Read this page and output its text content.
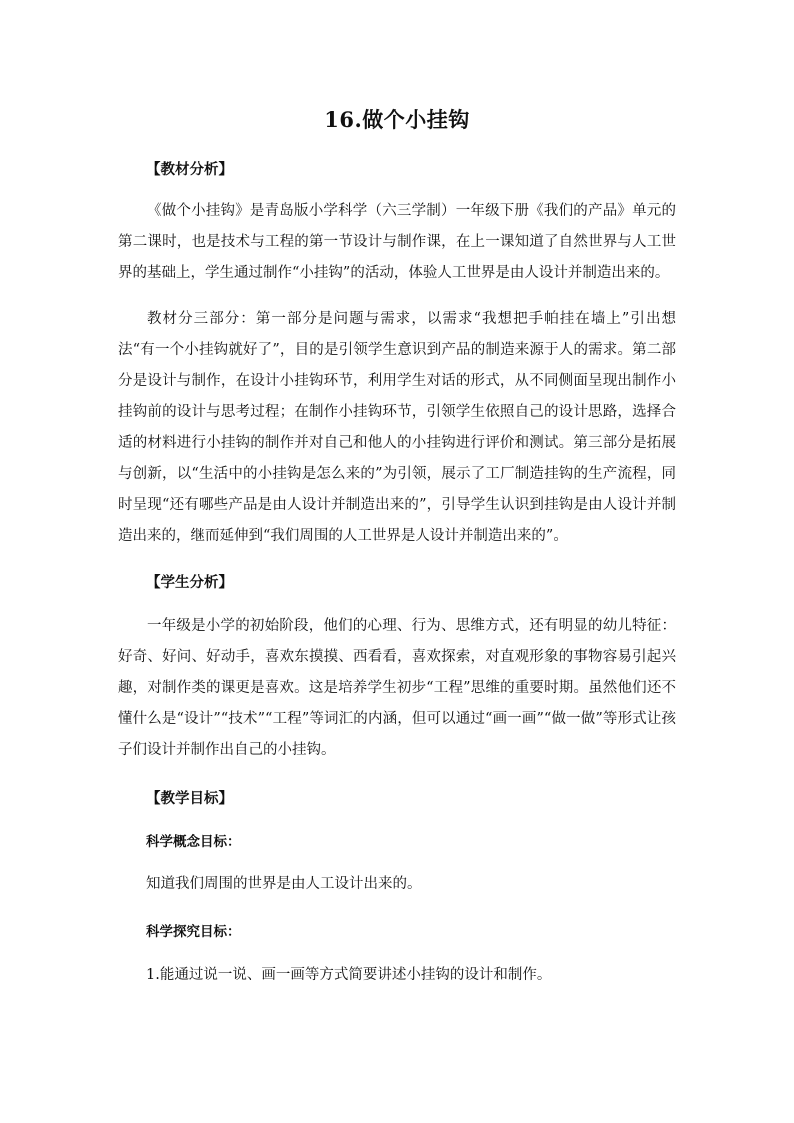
16.做个小挂钩
【教材分析】

《做个小挂钩》是青岛版小学科学（六三学制）一年级下册《我们的产品》单元的第二课时，也是技术与工程的第一节设计与制作课，在上一课知道了自然世界与人工世界的基础上，学生通过制作“小挂钩”的活动，体验人工世界是由人设计并制造出来的。

教材分三部分：第一部分是问题与需求，以需求“我想把手帕挂在墙上”引出想法“有一个小挂钩就好了”，目的是引领学生意识到产品的制造来源于人的需求。第二部分是设计与制作，在设计小挂钩环节，利用学生对话的形式，从不同侧面呈现出制作小挂钩前的设计与思考过程；在制作小挂钩环节，引领学生依照自己的设计思路，选择合适的材料进行小挂钩的制作并对自己和他人的小挂钩进行评价和测试。第三部分是拓展与创新，以“生活中的小挂钩是怎么来的”为引领，展示了工厂制造挂钩的生产流程，同时呈现“还有哪些产品是由人设计并制造出来的”，引导学生认识到挂钩是由人设计并制造出来的，继而延伸到“我们周围的人工世界是人设计并制造出来的”。

【学生分析】

一年级是小学的初始阶段，他们的心理、行为、思维方式，还有明显的幼儿特征：好奇、好问、好动手，喜欢东摸摸、西看看，喜欢探索，对直观形象的事物容易引起兴趣，对制作类的课更是喜欢。这是培养学生初步“工程”思维的重要时期。虽然他们还不懂什么是“设计”“技术”“工程”等词汇的内涵，但可以通过“画一画”“做一做”等形式让孩子们设计并制作出自己的小挂钩。

【教学目标】
科学概念目标：

知道我们周围的世界是由人工设计出来的。

科学探究目标：

1.能通过说一说、画一画等方式简要讲述小挂钩的设计和制作。
